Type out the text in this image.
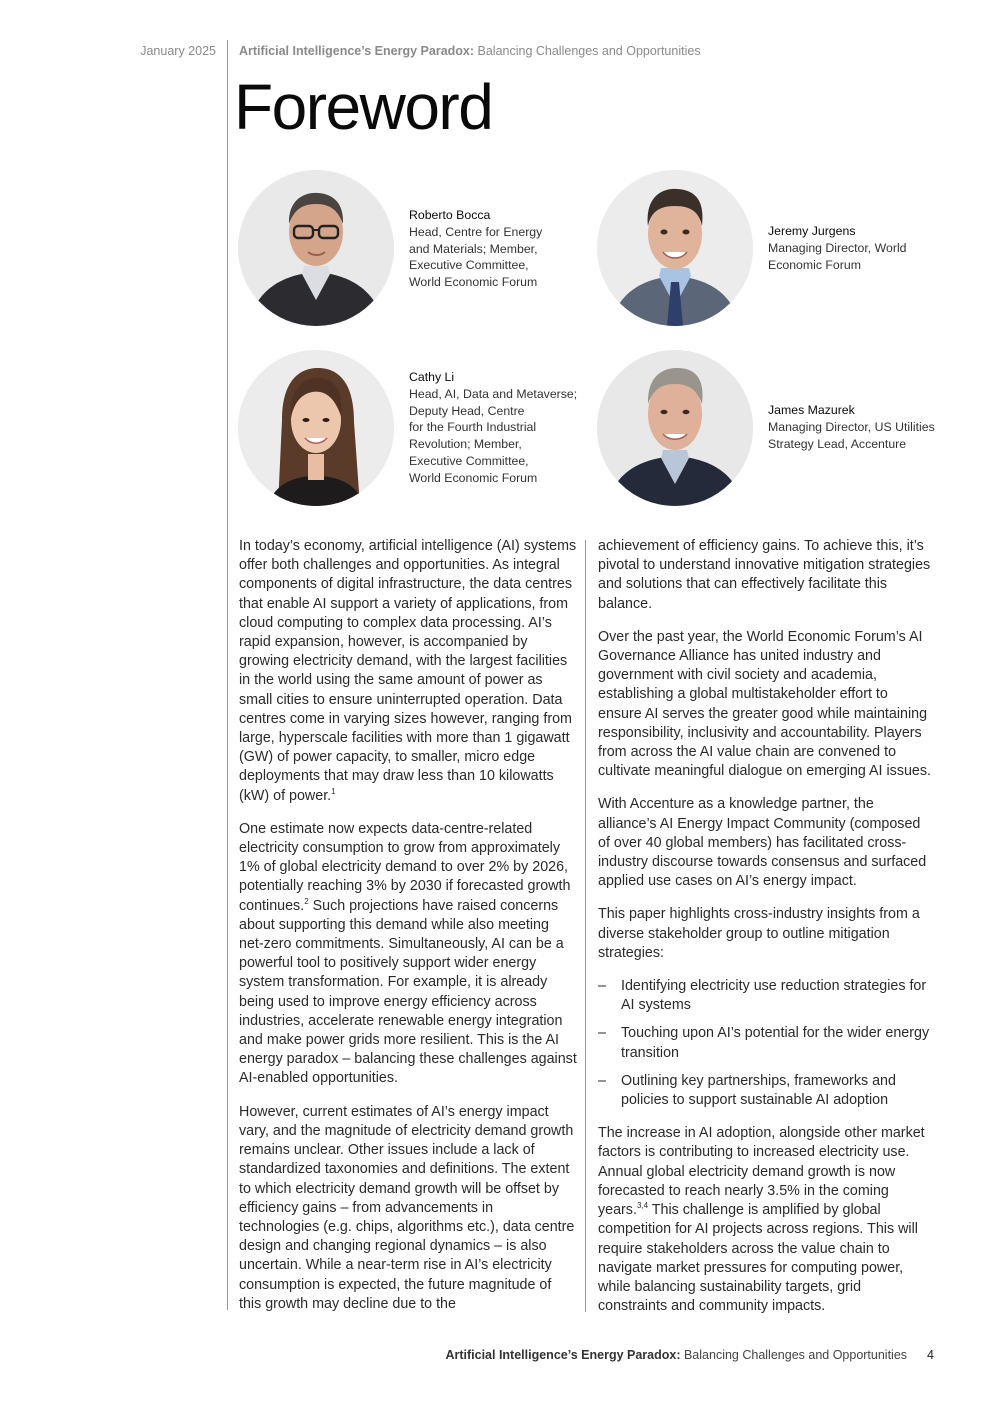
January 2025 Artificial Intelligence’s Energy Paradox: Balancing Challenges and Opportunities
Foreword
Roberto Bocca
Head, Centre for Energy
and Materials; Member,
Executive Committee,
World Economic Forum
Jeremy Jurgens
Managing Director, World
Economic Forum
Cathy Li
Head, AI, Data and Metaverse;
Deputy Head, Centre
for the Fourth Industrial
Revolution; Member,
Executive Committee,
World Economic Forum
James Mazurek
Managing Director, US Utilities
Strategy Lead, Accenture

In today’s economy, artificial intelligence (AI) systems offer both challenges and opportunities. As integral components of digital infrastructure, the data centres that enable AI support a variety of applications, from cloud computing to complex data processing. AI’s rapid expansion, however, is accompanied by growing electricity demand, with the largest facilities in the world using the same amount of power as small cities to ensure uninterrupted operation. Data centres come in varying sizes however, ranging from large, hyperscale facilities with more than 1 gigawatt (GW) of power capacity, to smaller, micro edge deployments that may draw less than 10 kilowatts (kW) of power.$^1$

One estimate now expects data-centre-related electricity consumption to grow from approximately 1% of global electricity demand to over 2% by 2026, potentially reaching 3% by 2030 if forecasted growth continues.$^2$ Such projections have raised concerns about supporting this demand while also meeting net-zero commitments. Simultaneously, AI can be a powerful tool to positively support wider energy system transformation. For example, it is already being used to improve energy efficiency across industries, accelerate renewable energy integration and make power grids more resilient. This is the AI energy paradox – balancing these challenges against AI-enabled opportunities.

However, current estimates of AI’s energy impact vary, and the magnitude of electricity demand growth remains unclear. Other issues include a lack of standardized taxonomies and definitions. The extent to which electricity demand growth will be offset by efficiency gains – from advancements in technologies (e.g. chips, algorithms etc.), data centre design and changing regional dynamics – is also uncertain. While a near-term rise in AI’s electricity consumption is expected, the future magnitude of this growth may decline due to the

achievement of efficiency gains. To achieve this, it’s pivotal to understand innovative mitigation strategies and solutions that can effectively facilitate this balance.

Over the past year, the World Economic Forum’s AI Governance Alliance has united industry and government with civil society and academia, establishing a global multistakeholder effort to ensure AI serves the greater good while maintaining responsibility, inclusivity and accountability. Players from across the AI value chain are convened to cultivate meaningful dialogue on emerging AI issues.

With Accenture as a knowledge partner, the alliance’s AI Energy Impact Community (composed of over 40 global members) has facilitated cross-industry discourse towards consensus and surfaced applied use cases on AI’s energy impact.

This paper highlights cross-industry insights from a diverse stakeholder group to outline mitigation strategies:

– Identifying electricity use reduction strategies for AI systems
– Touching upon AI’s potential for the wider energy transition
– Outlining key partnerships, frameworks and policies to support sustainable AI adoption

The increase in AI adoption, alongside other market factors is contributing to increased electricity use. Annual global electricity demand growth is now forecasted to reach nearly 3.5% in the coming years.$^{3,4}$ This challenge is amplified by global competition for AI projects across regions. This will require stakeholders across the value chain to navigate market pressures for computing power, while balancing sustainability targets, grid constraints and community impacts.

Artificial Intelligence’s Energy Paradox: Balancing Challenges and Opportunities 4
